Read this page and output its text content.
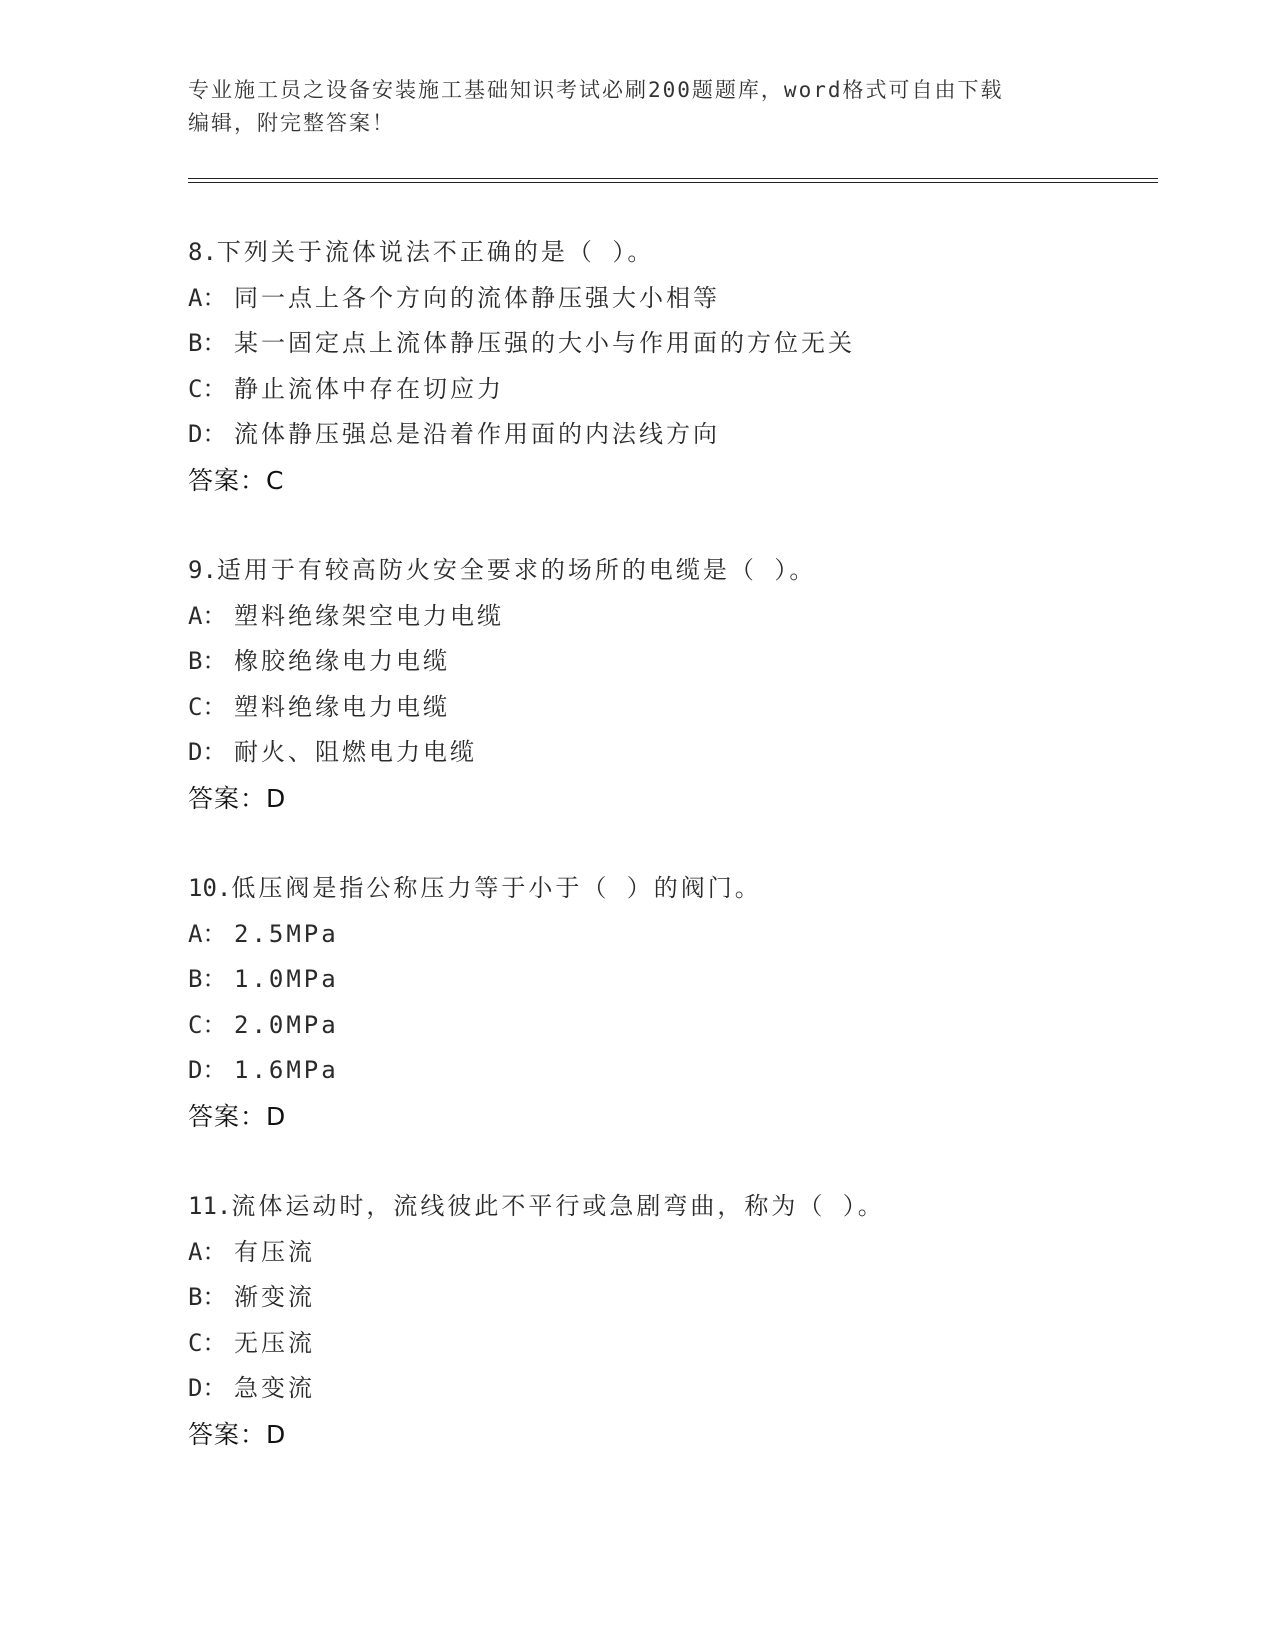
专业施工员之设备安装施工基础知识考试必刷200题题库，word格式可自由下载
编辑，附完整答案！
8.下列关于流体说法不正确的是（ ）。
A： 同一点上各个方向的流体静压强大小相等
B： 某一固定点上流体静压强的大小与作用面的方位无关
C： 静止流体中存在切应力
D： 流体静压强总是沿着作用面的内法线方向
答案：C
9.适用于有较高防火安全要求的场所的电缆是（ ）。
A： 塑料绝缘架空电力电缆
B： 橡胶绝缘电力电缆
C： 塑料绝缘电力电缆
D： 耐火、阻燃电力电缆
答案：D
10.低压阀是指公称压力等于小于（ ）的阀门。
A： 2.5MPa
B： 1.0MPa
C： 2.0MPa
D： 1.6MPa
答案：D
11.流体运动时，流线彼此不平行或急剧弯曲，称为（ ）。
A： 有压流
B： 渐变流
C： 无压流
D： 急变流
答案：D
